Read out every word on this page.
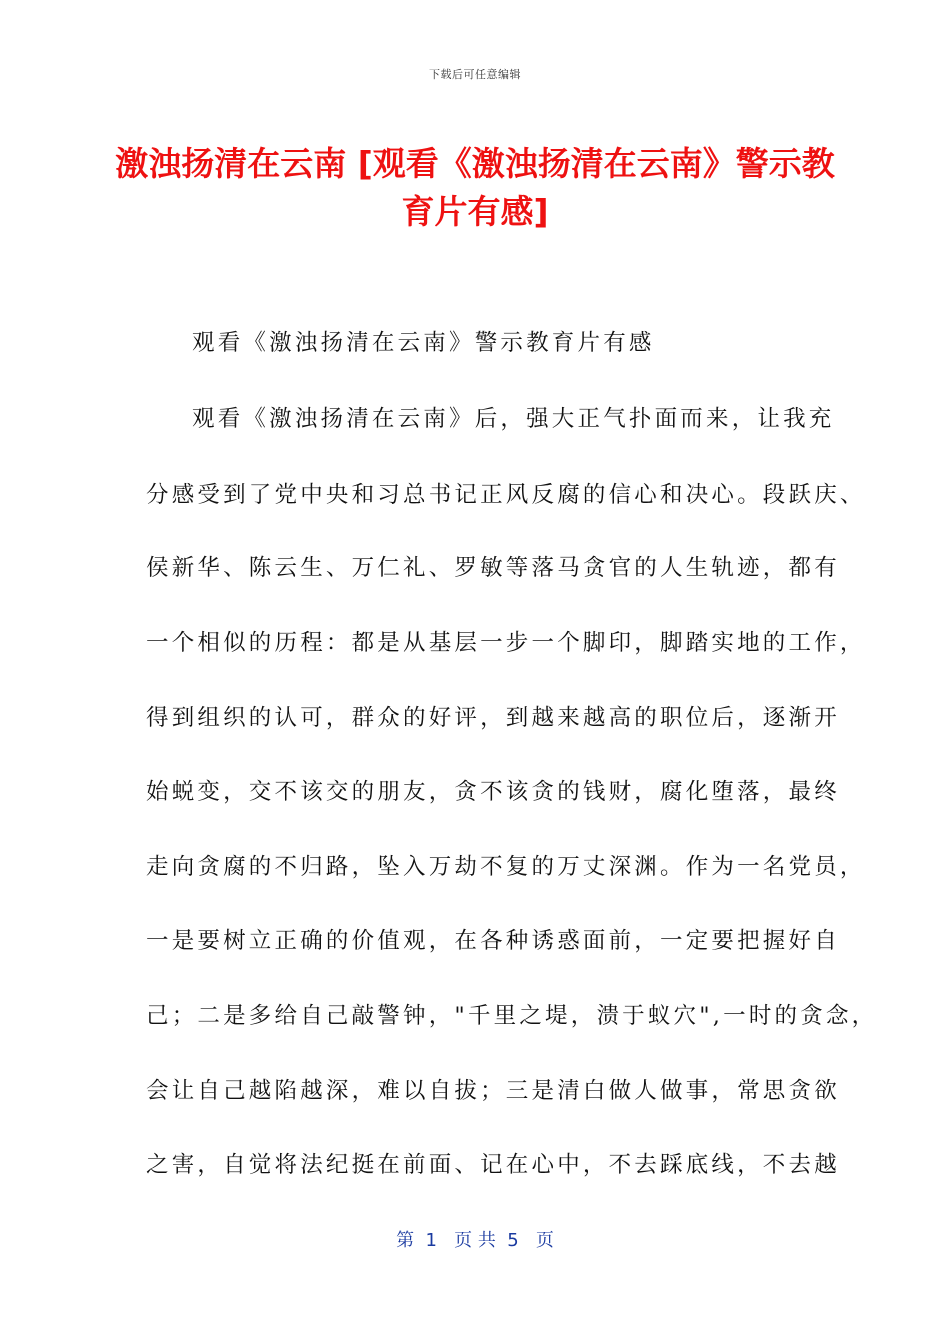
下载后可任意编辑
激浊扬清在云南 [观看《激浊扬清在云南》警示教育片有感]
观看《激浊扬清在云南》警示教育片有感
观看《激浊扬清在云南》后，强大正气扑面而来，让我充
分感受到了党中央和习总书记正风反腐的信心和决心。段跃庆、
侯新华、陈云生、万仁礼、罗敏等落马贪官的人生轨迹，都有
一个相似的历程：都是从基层一步一个脚印，脚踏实地的工作，
得到组织的认可，群众的好评，到越来越高的职位后，逐渐开
始蜕变，交不该交的朋友，贪不该贪的钱财，腐化堕落，最终
走向贪腐的不归路，坠入万劫不复的万丈深渊。作为一名党员，
一是要树立正确的价值观，在各种诱惑面前，一定要把握好自
己；二是多给自己敲警钟，"千里之堤，溃于蚁穴",一时的贪念，
会让自己越陷越深，难以自拔；三是清白做人做事，常思贪欲
之害，自觉将法纪挺在前面、记在心中，不去踩底线，不去越
第  1   页 共  5   页
